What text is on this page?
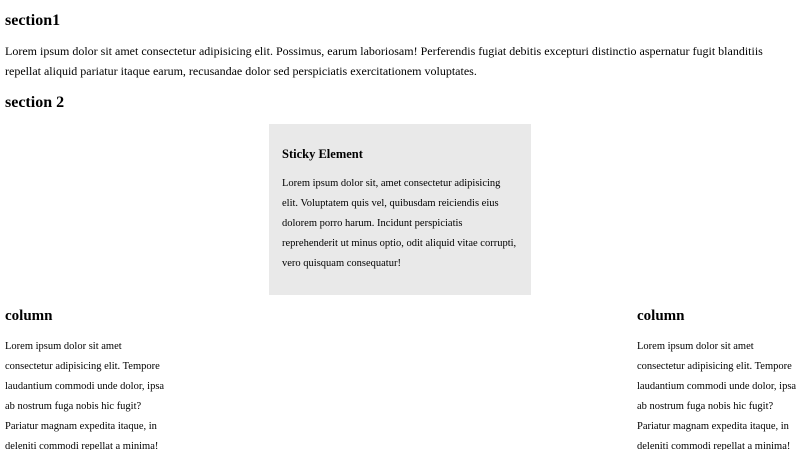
section1

Lorem ipsum dolor sit amet consectetur adipisicing elit. Possimus, earum laboriosam! Perferendis fugiat debitis excepturi distinctio aspernatur fugit blanditiis repellat aliquid pariatur itaque earum, recusandae dolor sed perspiciatis exercitationem voluptates.

section 2
Sticky Element

Lorem ipsum dolor sit, amet consectetur adipisicing elit. Voluptatem quis vel, quibusdam reiciendis eius dolorem porro harum. Incidunt perspiciatis reprehenderit ut minus optio, odit aliquid vitae corrupti, vero quisquam consequatur!

column

Lorem ipsum dolor sit amet consectetur adipisicing elit. Tempore laudantium commodi unde dolor, ipsa ab nostrum fuga nobis hic fugit? Pariatur magnam expedita itaque, in deleniti commodi repellat a minima!

column

Lorem ipsum dolor sit amet consectetur adipisicing elit. Tempore laudantium commodi unde dolor, ipsa ab nostrum fuga nobis hic fugit? Pariatur magnam expedita itaque, in deleniti commodi repellat a minima!
